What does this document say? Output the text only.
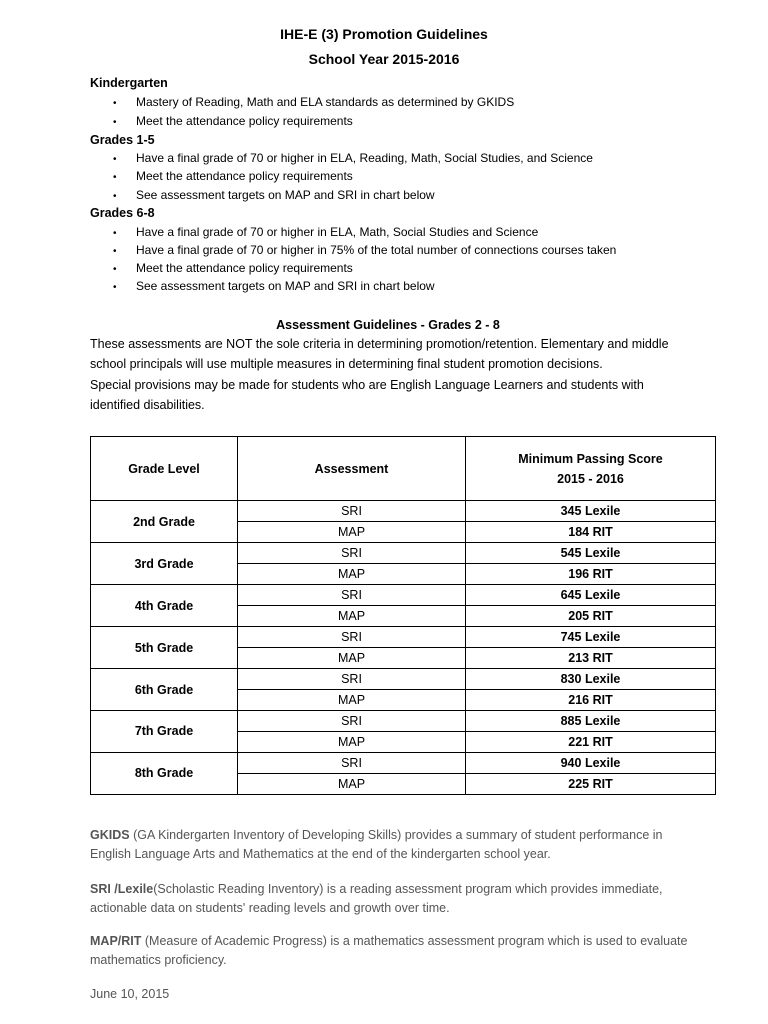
IHE-E (3) Promotion Guidelines
School Year 2015-2016
Kindergarten
• Mastery of Reading, Math and ELA standards as determined by GKIDS
• Meet the attendance policy requirements
Grades 1-5
• Have a final grade of 70 or higher in ELA, Reading, Math, Social Studies, and Science
• Meet the attendance policy requirements
• See assessment targets on MAP and SRI in chart below
Grades 6-8
• Have a final grade of 70 or higher in ELA, Math, Social Studies and Science
• Have a final grade of 70 or higher in 75% of the total number of connections courses taken
• Meet the attendance policy requirements
• See assessment targets on MAP and SRI in chart below
Assessment Guidelines - Grades 2 - 8
These assessments are NOT the sole criteria in determining promotion/retention. Elementary and middle
school principals will use multiple measures in determining final student promotion decisions.
Special provisions may be made for students who are English Language Learners and students with
identified disabilities.
Grade Level	Assessment	Minimum Passing Score
2015 - 2016

2nd Grade	SRI	345 Lexile
	MAP	184 RIT
3rd Grade	SRI	545 Lexile
	MAP	196 RIT
4th Grade	SRI	645 Lexile
	MAP	205 RIT
5th Grade	SRI	745 Lexile
	MAP	213 RIT
6th Grade	SRI	830 Lexile
	MAP	216 RIT
7th Grade	SRI	885 Lexile
	MAP	221 RIT
8th Grade	SRI	940 Lexile
	MAP	225 RIT
GKIDS (GA Kindergarten Inventory of Developing Skills) provides a summary of student performance in
English Language Arts and Mathematics at the end of the kindergarten school year.
SRI /Lexile(Scholastic Reading Inventory) is a reading assessment program which provides immediate,
actionable data on students' reading levels and growth over time.
MAP/RIT (Measure of Academic Progress) is a mathematics assessment program which is used to evaluate
mathematics proficiency.
June 10, 2015
